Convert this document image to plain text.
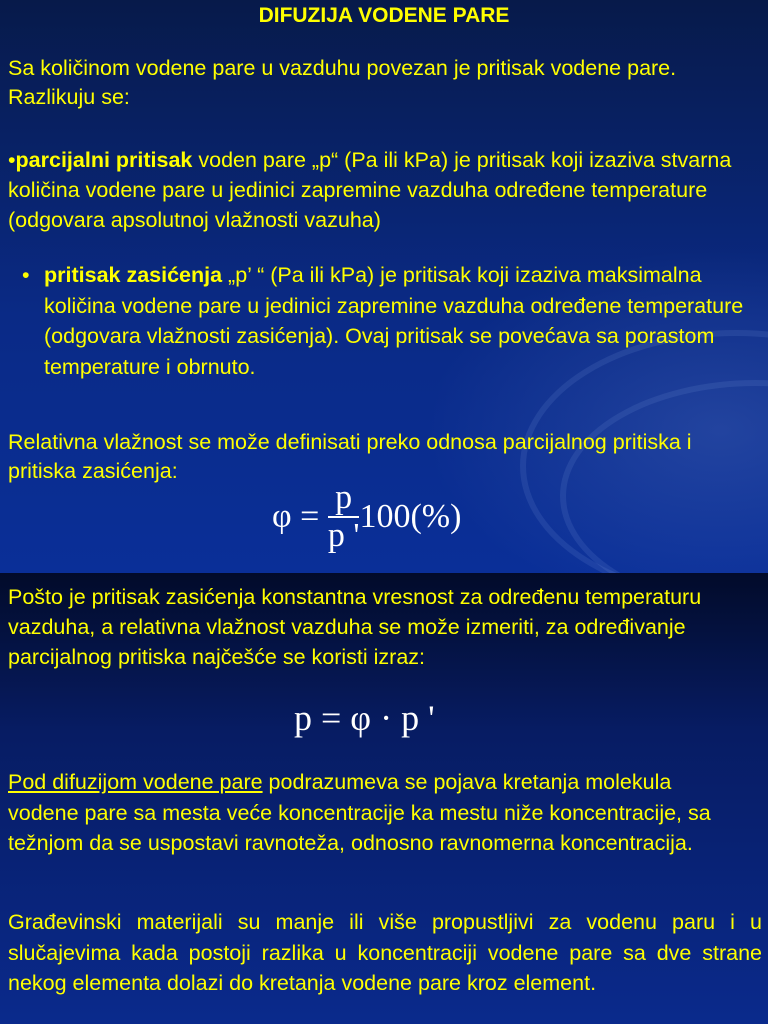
DIFUZIJA VODENE PARE

Sa količinom vodene pare u vazduhu povezan je pritisak vodene pare. Razlikuju se:

•parcijalni pritisak voden pare „p“ (Pa ili kPa) je pritisak koji izaziva stvarna količina vodene pare u jedinici zapremine vazduha određene temperature (odgovara apsolutnoj vlažnosti vazuha)

• pritisak zasićenja „p’ “ (Pa ili kPa) je pritisak koji izaziva maksimalna količina vodene pare u jedinici zapremine vazduha određene temperature (odgovara vlažnosti zasićenja). Ovaj pritisak se povećava sa porastom temperature i obrnuto.

Relativna vlažnost se može definisati preko odnosa parcijalnog pritiska i pritiska zasićenja:

$\varphi = \frac{p}{p '} 100(\%)$

Pošto je pritisak zasićenja konstantna vresnost za određenu temperaturu vazduha, a relativna vlažnost vazduha se može izmeriti, za određivanje parcijalnog pritiska najčešće se koristi izraz:

p = φ · p '

Pod difuzijom vodene pare podrazumeva se pojava kretanja molekula vodene pare sa mesta veće koncentracije ka mestu niže koncentracije, sa težnjom da se uspostavi ravnoteža, odnosno ravnomerna koncentracija.

Građevinski materijali su manje ili više propustljivi za vodenu paru i u slučajevima kada postoji razlika u koncentraciji vodene pare sa dve strane nekog elementa dolazi do kretanja vodene pare kroz element.
